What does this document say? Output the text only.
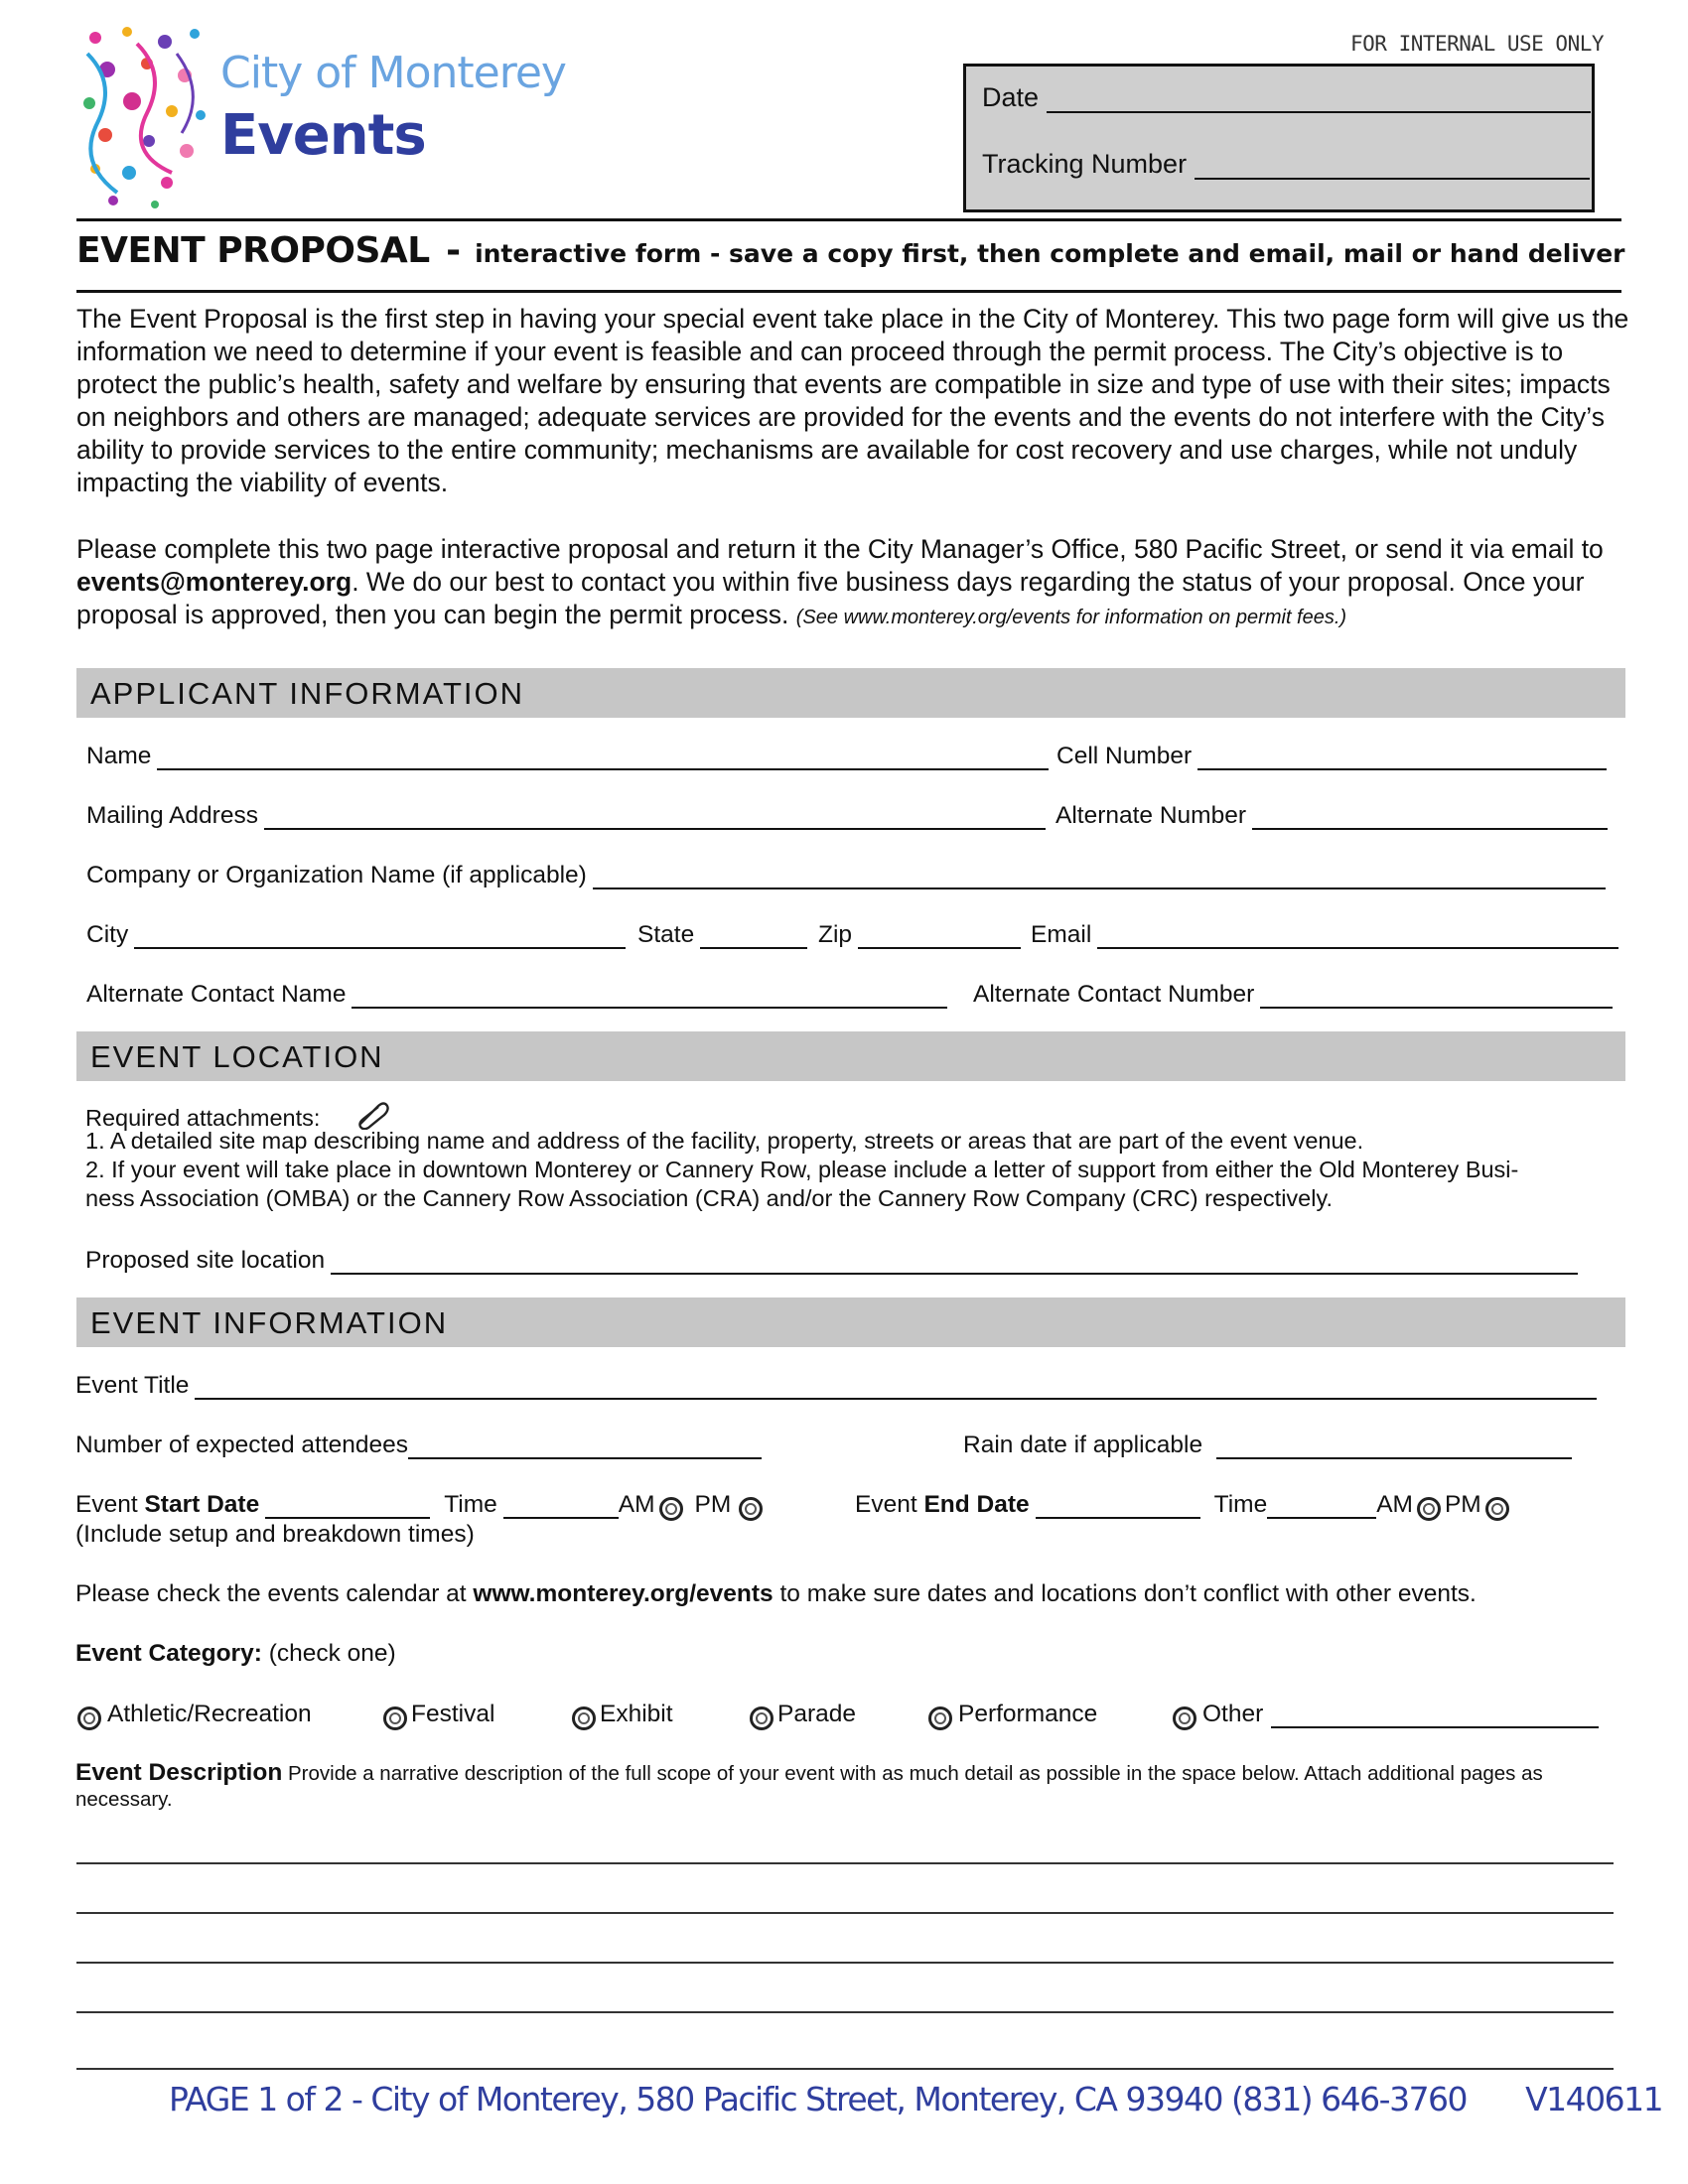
City of Monterey
Events
FOR INTERNAL USE ONLY
Date
Tracking Number
EVENT PROPOSAL - interactive form - save a copy first, then complete and email, mail or hand deliver
The Event Proposal is the first step in having your special event take place in the City of Monterey. This two page form will give us the information we need to determine if your event is feasible and can proceed through the permit process. The City’s objective is to protect the public’s health, safety and welfare by ensuring that events are compatible in size and type of use with their sites; impacts on neighbors and others are managed; adequate services are provided for the events and the events do not interfere with the City’s ability to provide services to the entire community; mechanisms are available for cost recovery and use charges, while not unduly impacting the viability of events.
Please complete this two page interactive proposal and return it the City Manager’s Office, 580 Pacific Street, or send it via email to events@monterey.org. We do our best to contact you within five business days regarding the status of your proposal. Once your proposal is approved, then you can begin the permit process. (See www.monterey.org/events for information on permit fees.)
APPLICANT INFORMATION
Name	Cell Number
Mailing Address	Alternate Number
Company or Organization Name (if applicable)
City	State	Zip	Email
Alternate Contact Name	Alternate Contact Number
EVENT LOCATION
Required attachments:
1. A detailed site map describing name and address of the facility, property, streets or areas that are part of the event venue.
2. If your event will take place in downtown Monterey or Cannery Row, please include a letter of support from either the Old Monterey Busi-
ness Association (OMBA) or the Cannery Row Association (CRA) and/or the Cannery Row Company (CRC) respectively.
Proposed site location
EVENT INFORMATION
Event Title
Number of expected attendees	Rain date if applicable
Event Start Date	Time	AM PM	Event End Date	Time	AM PM
(Include setup and breakdown times)
Please check the events calendar at www.monterey.org/events to make sure dates and locations don’t conflict with other events.
Event Category: (check one)
Athletic/Recreation	Festival	Exhibit	Parade	Performance	Other
Event Description Provide a narrative description of the full scope of your event with as much detail as possible in the space below. Attach additional pages as necessary.
PAGE 1 of 2 - City of Monterey, 580 Pacific Street, Monterey, CA 93940 (831) 646-3760 V140611
